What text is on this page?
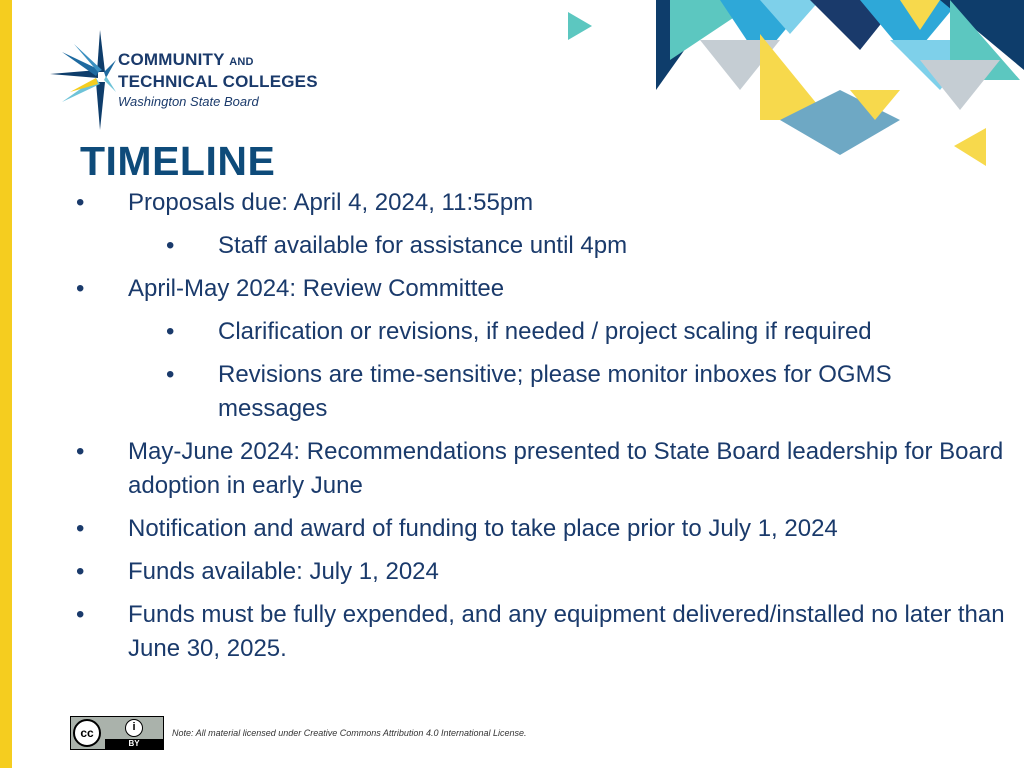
COMMUNITY AND
TECHNICAL COLLEGES
Washington State Board
TIMELINE
• Proposals due: April 4, 2024, 11:55pm
• Staff available for assistance until 4pm
• April-May 2024: Review Committee
• Clarification or revisions, if needed / project scaling if required
• Revisions are time-sensitive; please monitor inboxes for OGMS messages
• May-June 2024: Recommendations presented to State Board leadership for Board adoption in early June
• Notification and award of funding to take place prior to July 1, 2024
• Funds available: July 1, 2024
• Funds must be fully expended, and any equipment delivered/installed no later than June 30, 2025.
cc	i
BY
Note: All material licensed under Creative Commons Attribution 4.0 International License.
